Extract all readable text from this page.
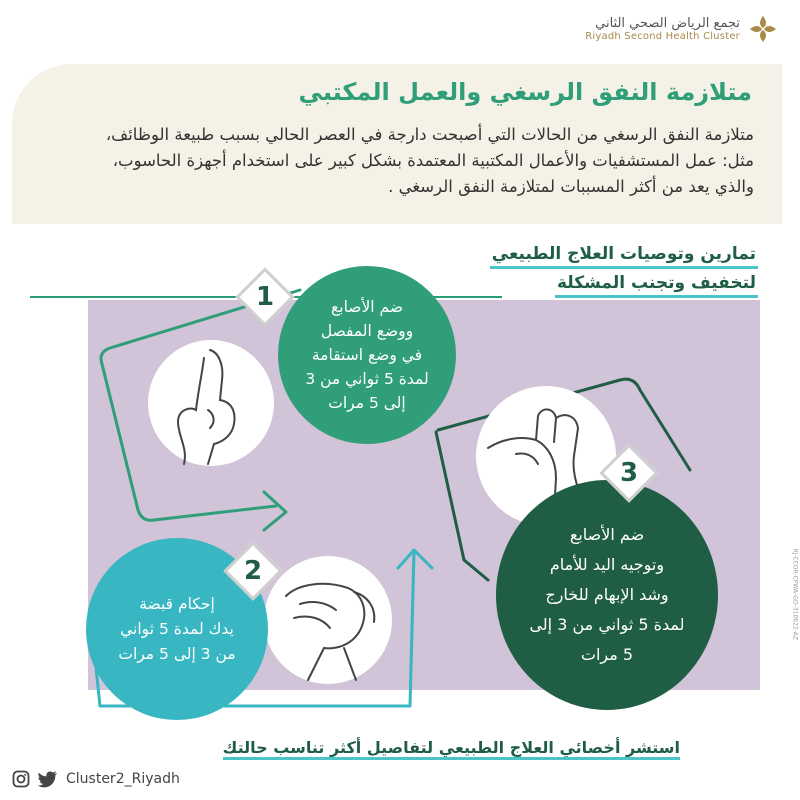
تجمع الرياض الصحي الثاني
Riyadh Second Health Cluster
متلازمة النفق الرسغي والعمل المكتبي
متلازمة النفق الرسغي من الحالات التي أصبحت دارجة في العصر الحالي بسبب طبيعة الوظائف، مثل: عمل المستشفيات والأعمال المكتبية المعتمدة بشكل كبير على استخدام أجهزة الحاسوب، والذي يعد من أكثر المسببات لمتلازمة النفق الرسغي .
تمارين وتوصيات العلاج الطبيعي
لتخفيف وتجنب المشكلة
ضم الأصابع
ووضع المفصل
في وضع استقامة
لمدة 5 ثواني من 3
إلى 5 مرات
إحكام قبضة
يدك لمدة 5 ثواني
من 3 إلى 5 مرات
ضم الأصابع
وتوجيه اليد للأمام
وشد الإبهام للخارج
لمدة 5 ثواني من 3 إلى
5 مرات
1
2
3
استشر أخصائي العلاج الطبيعي لتفاصيل أكثر تناسب حالتك
Cluster2_Riyadh
RJ-CCOR-CPWA-GD-310622-AZ
